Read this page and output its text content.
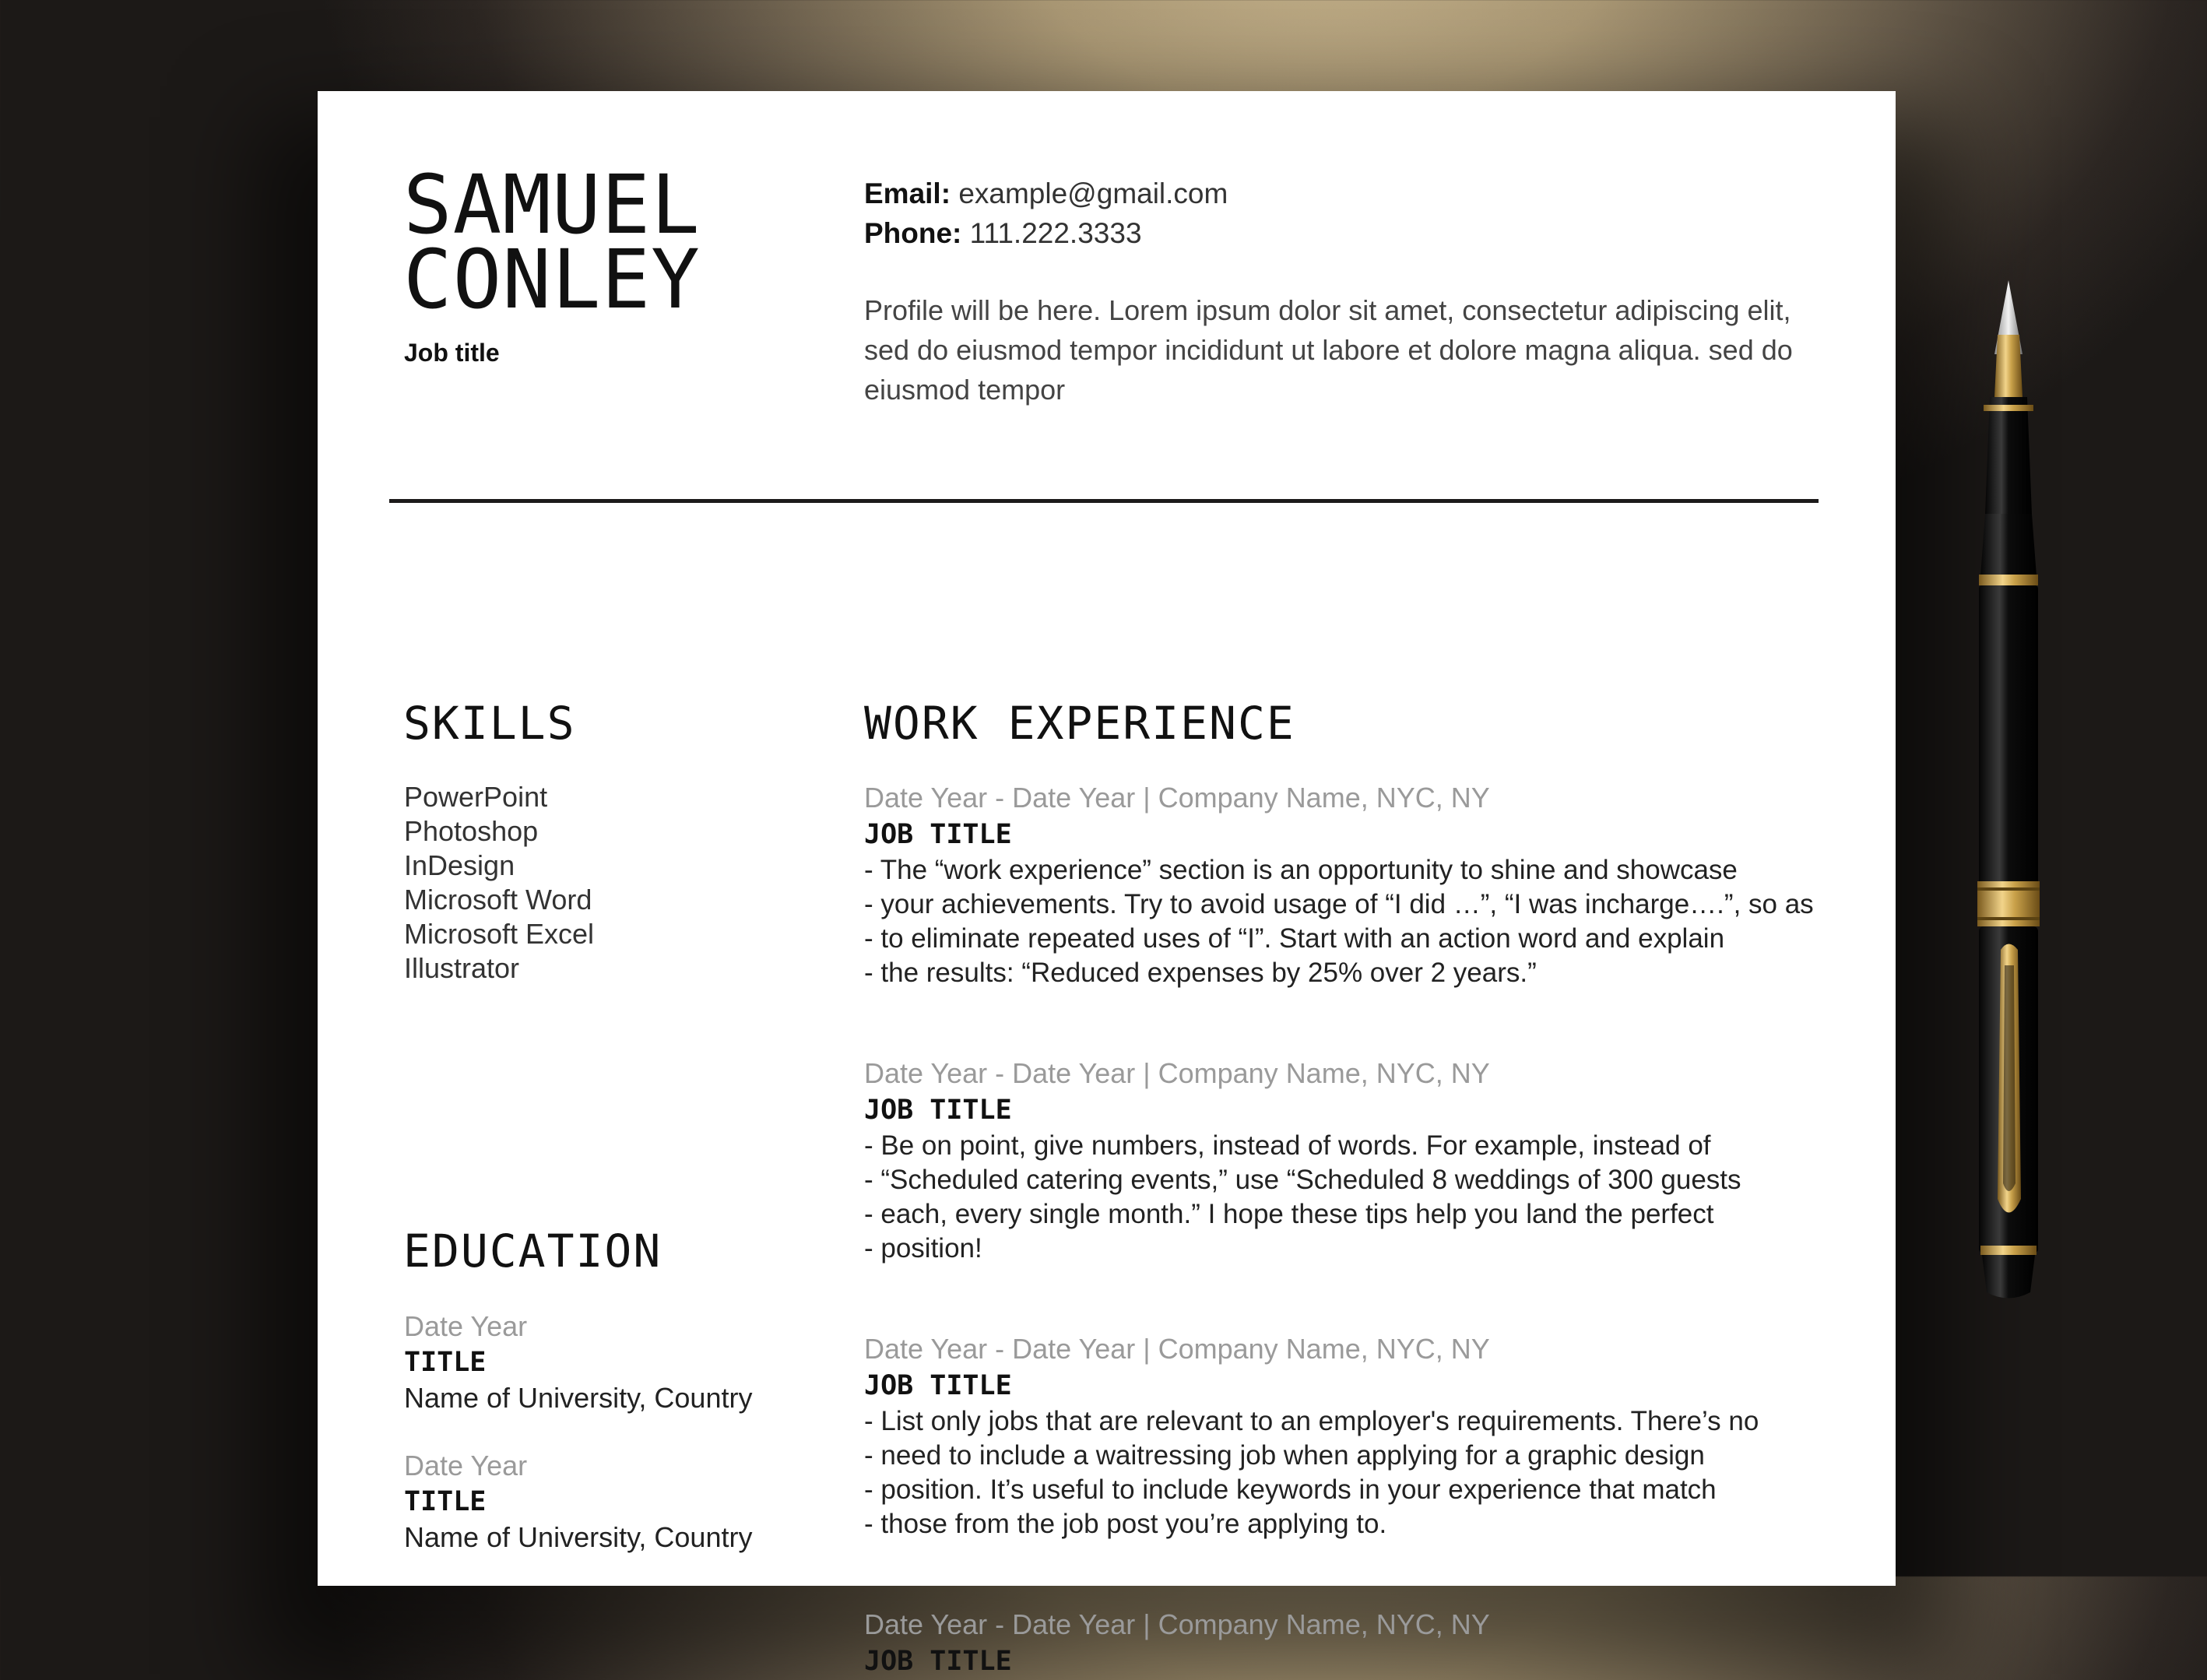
SAMUEL
CONLEY
Job title
Email: example@gmail.com
Phone: 111.222.3333
Profile will be here. Lorem ipsum dolor sit amet, consectetur adipiscing elit, sed do eiusmod tempor incididunt ut labore et dolore magna aliqua. sed do eiusmod tempor
SKILLS
PowerPoint
Photoshop
InDesign
Microsoft Word
Microsoft Excel
Illustrator
EDUCATION
Date Year
TITLE
Name of University, Country
Date Year
TITLE
Name of University, Country
WORK EXPERIENCE
Date Year - Date Year | Company Name, NYC, NY
JOB TITLE
- The “work experience” section is an opportunity to shine and showcase
- your achievements. Try to avoid usage of “I did …”, “I was incharge….”, so as
- to eliminate repeated uses of “I”. Start with an action word and explain
- the results: “Reduced expenses by 25% over 2 years.”
Date Year - Date Year | Company Name, NYC, NY
JOB TITLE
- Be on point, give numbers, instead of words. For example, instead of
- “Scheduled catering events,” use “Scheduled 8 weddings of 300 guests
- each, every single month.” I hope these tips help you land the perfect
- position!
Date Year - Date Year | Company Name, NYC, NY
JOB TITLE
- List only jobs that are relevant to an employer's requirements. There’s no
- need to include a waitressing job when applying for a graphic design
- position. It’s useful to include keywords in your experience that match
- those from the job post you’re applying to.
Date Year - Date Year | Company Name, NYC, NY
JOB TITLE
